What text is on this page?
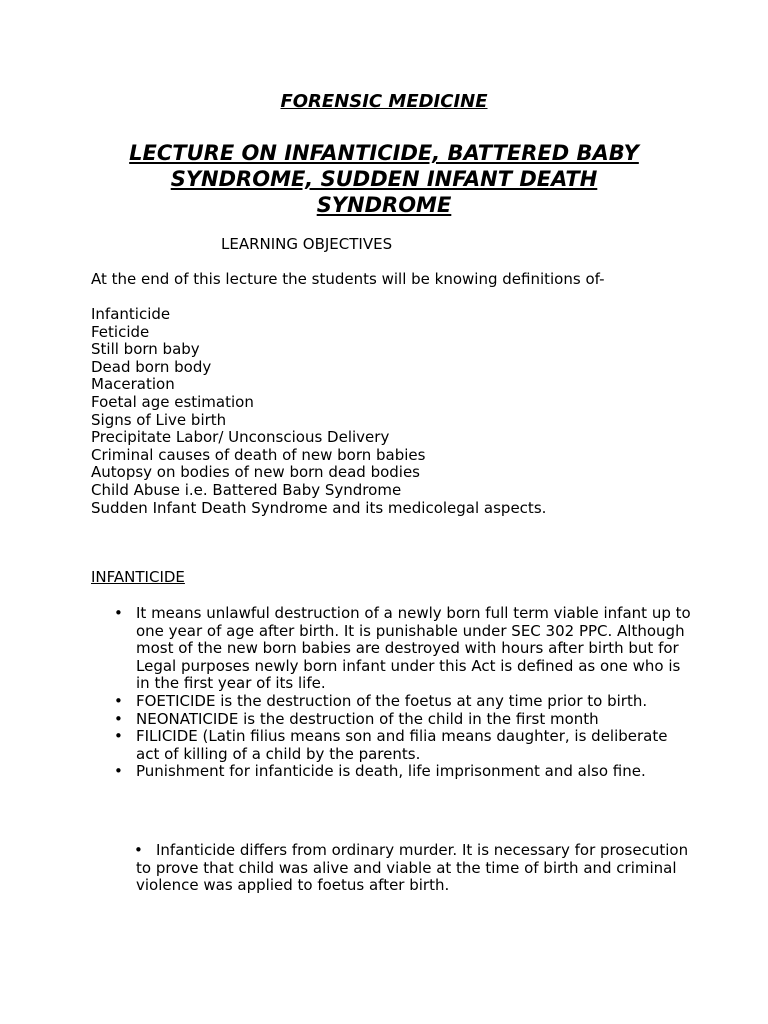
FORENSIC MEDICINE
LECTURE ON INFANTICIDE, BATTERED BABY
SYNDROME, SUDDEN INFANT DEATH
SYNDROME
LEARNING OBJECTIVES
At the end of this lecture the students will be knowing definitions of-
Infanticide
Feticide
Still born baby
Dead born body
Maceration
Foetal age estimation
Signs of Live birth
Precipitate Labor/ Unconscious Delivery
Criminal causes of death of new born babies
Autopsy on bodies of new born dead bodies
Child Abuse i.e. Battered Baby Syndrome
Sudden Infant Death Syndrome and its medicolegal aspects.
INFANTICIDE
• It means unlawful destruction of a newly born full term viable infant up to one year of age after birth. It is punishable under SEC 302 PPC. Although most of the new born babies are destroyed with hours after birth but for Legal purposes newly born infant under this Act is defined as one who is in the first year of its life.
• FOETICIDE is the destruction of the foetus at any time prior to birth.
• NEONATICIDE is the destruction of the child in the first month
• FILICIDE (Latin filius means son and filia means daughter, is deliberate act of killing of a child by the parents.
• Punishment for infanticide is death, life imprisonment and also fine.
• Infanticide differs from ordinary murder. It is necessary for prosecution to prove that child was alive and viable at the time of birth and criminal violence was applied to foetus after birth.
